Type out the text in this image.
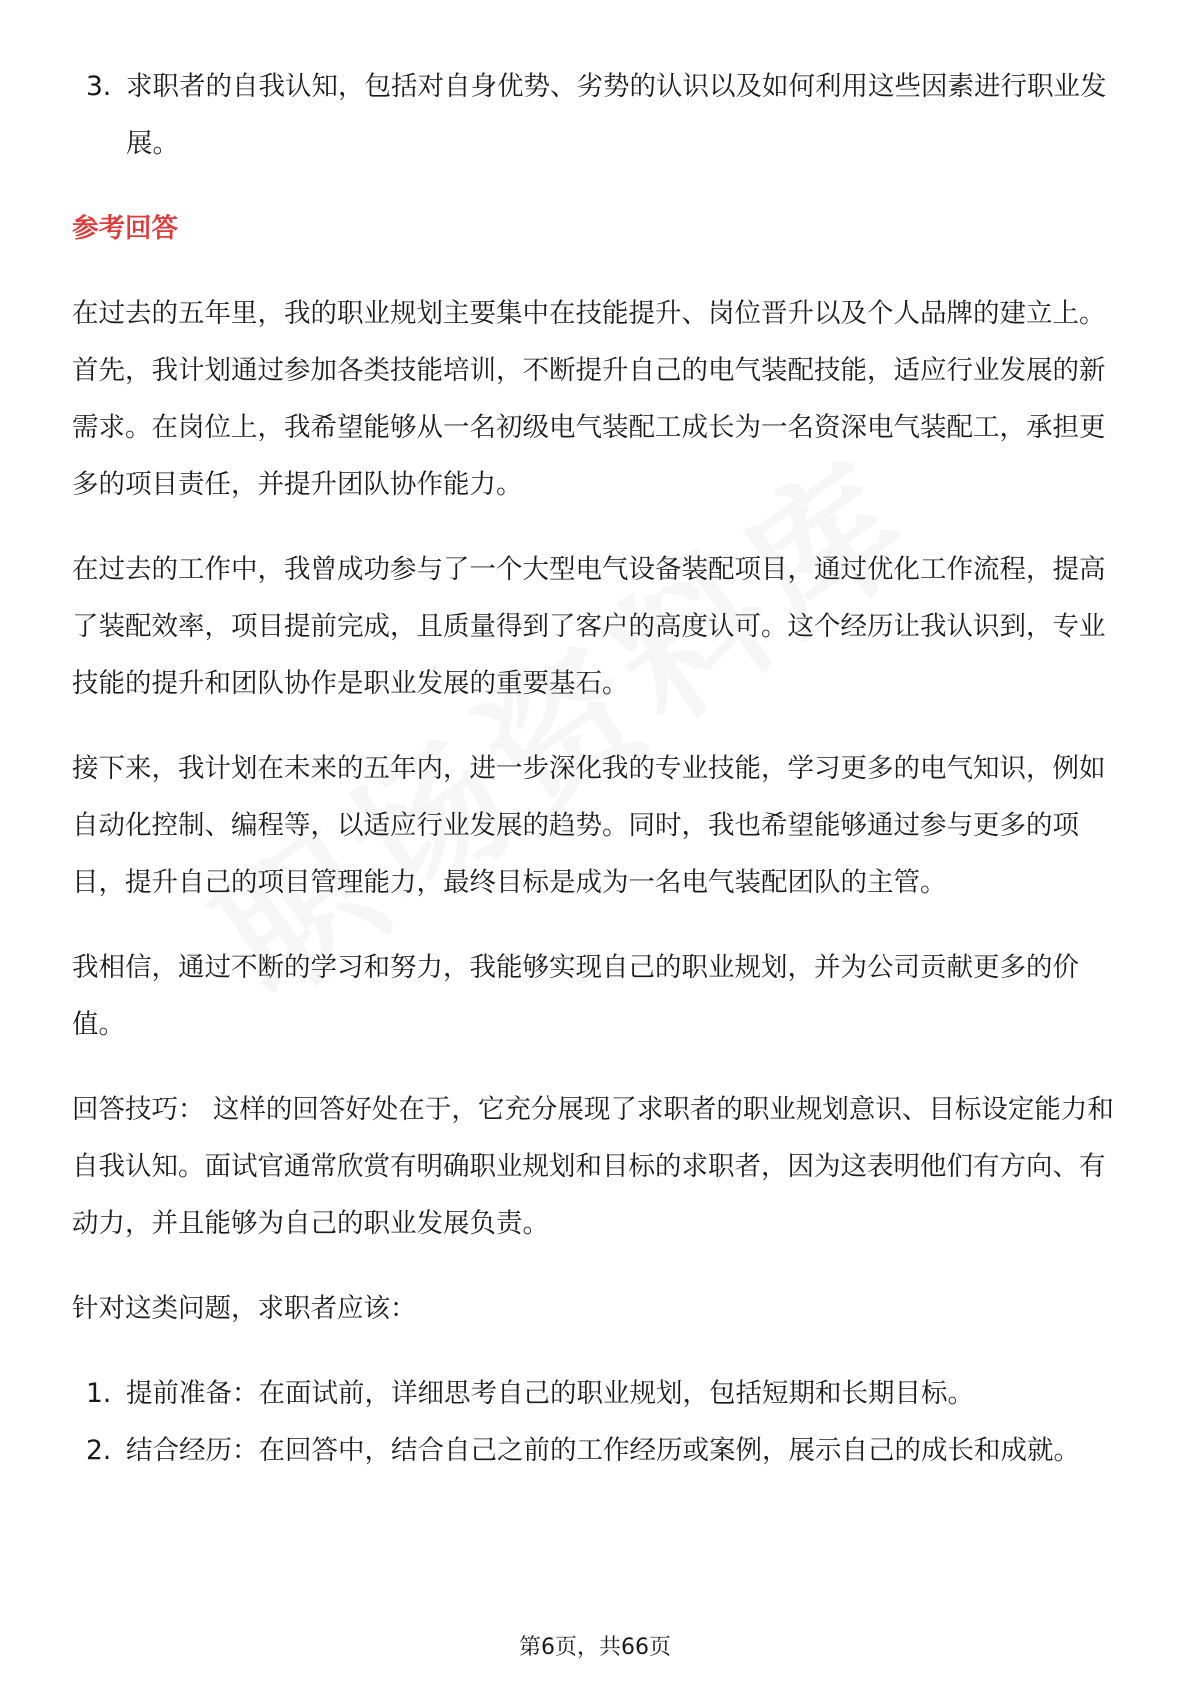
3. 求职者的自我认知，包括对自身优势、劣势的认识以及如何利用这些因素进行职业发展。
参考回答

在过去的五年里，我的职业规划主要集中在技能提升、岗位晋升以及个人品牌的建立上。首先，我计划通过参加各类技能培训，不断提升自己的电气装配技能，适应行业发展的新需求。在岗位上，我希望能够从一名初级电气装配工成长为一名资深电气装配工，承担更多的项目责任，并提升团队协作能力。

在过去的工作中，我曾成功参与了一个大型电气设备装配项目，通过优化工作流程，提高了装配效率，项目提前完成，且质量得到了客户的高度认可。这个经历让我认识到，专业技能的提升和团队协作是职业发展的重要基石。

接下来，我计划在未来的五年内，进一步深化我的专业技能，学习更多的电气知识，例如自动化控制、编程等，以适应行业发展的趋势。同时，我也希望能够通过参与更多的项目，提升自己的项目管理能力，最终目标是成为一名电气装配团队的主管。

我相信，通过不断的学习和努力，我能够实现自己的职业规划，并为公司贡献更多的价值。

回答技巧： 这样的回答好处在于，它充分展现了求职者的职业规划意识、目标设定能力和自我认知。面试官通常欣赏有明确职业规划和目标的求职者，因为这表明他们有方向、有动力，并且能够为自己的职业发展负责。

针对这类问题，求职者应该：

1. 提前准备：在面试前，详细思考自己的职业规划，包括短期和长期目标。
2. 结合经历：在回答中，结合自己之前的工作经历或案例，展示自己的成长和成就。
第6页，共66页
